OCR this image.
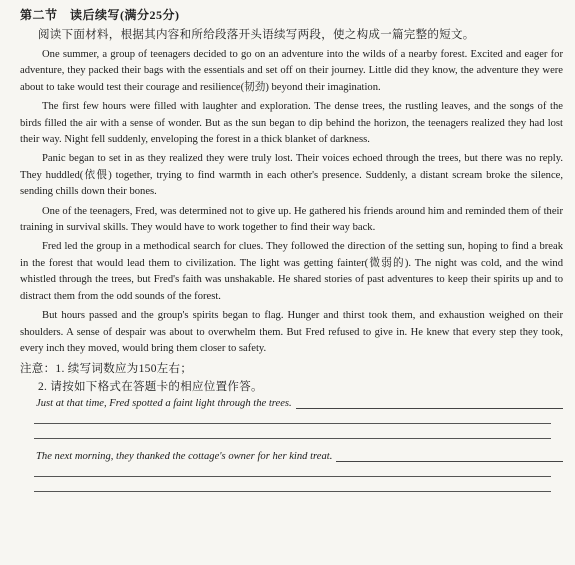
第二节　读后续写(满分25分)
阅读下面材料，根据其内容和所给段落开头语续写两段，使之构成一篇完整的短文。

One summer, a group of teenagers decided to go on an adventure into the wilds of a nearby forest. Excited and eager for adventure, they packed their bags with the essentials and set off on their journey. Little did they know, the adventure they were about to take would test their courage and resilience(韧劲) beyond their imagination.

The first few hours were filled with laughter and exploration. The dense trees, the rustling leaves, and the songs of the birds filled the air with a sense of wonder. But as the sun began to dip behind the horizon, the teenagers realized they had lost their way. Night fell suddenly, enveloping the forest in a thick blanket of darkness.

Panic began to set in as they realized they were truly lost. Their voices echoed through the trees, but there was no reply. They huddled(依偎) together, trying to find warmth in each other's presence. Suddenly, a distant scream broke the silence, sending chills down their bones.

One of the teenagers, Fred, was determined not to give up. He gathered his friends around him and reminded them of their training in survival skills. They would have to work together to find their way back.

Fred led the group in a methodical search for clues. They followed the direction of the setting sun, hoping to find a break in the forest that would lead them to civilization. The light was getting fainter(微弱的). The night was cold, and the wind whistled through the trees, but Fred's faith was unshakable. He shared stories of past adventures to keep their spirits up and to distract them from the odd sounds of the forest.

But hours passed and the group's spirits began to flag. Hunger and thirst took them, and exhaustion weighed on their shoulders. A sense of despair was about to overwhelm them. But Fred refused to give in. He knew that every step they took, every inch they moved, would bring them closer to safety.

注意：1. 续写词数应为150左右；
2. 请按如下格式在答题卡的相应位置作答。
Just at that time, Fred spotted a faint light through the trees.
The next morning, they thanked the cottage's owner for her kind treat.
